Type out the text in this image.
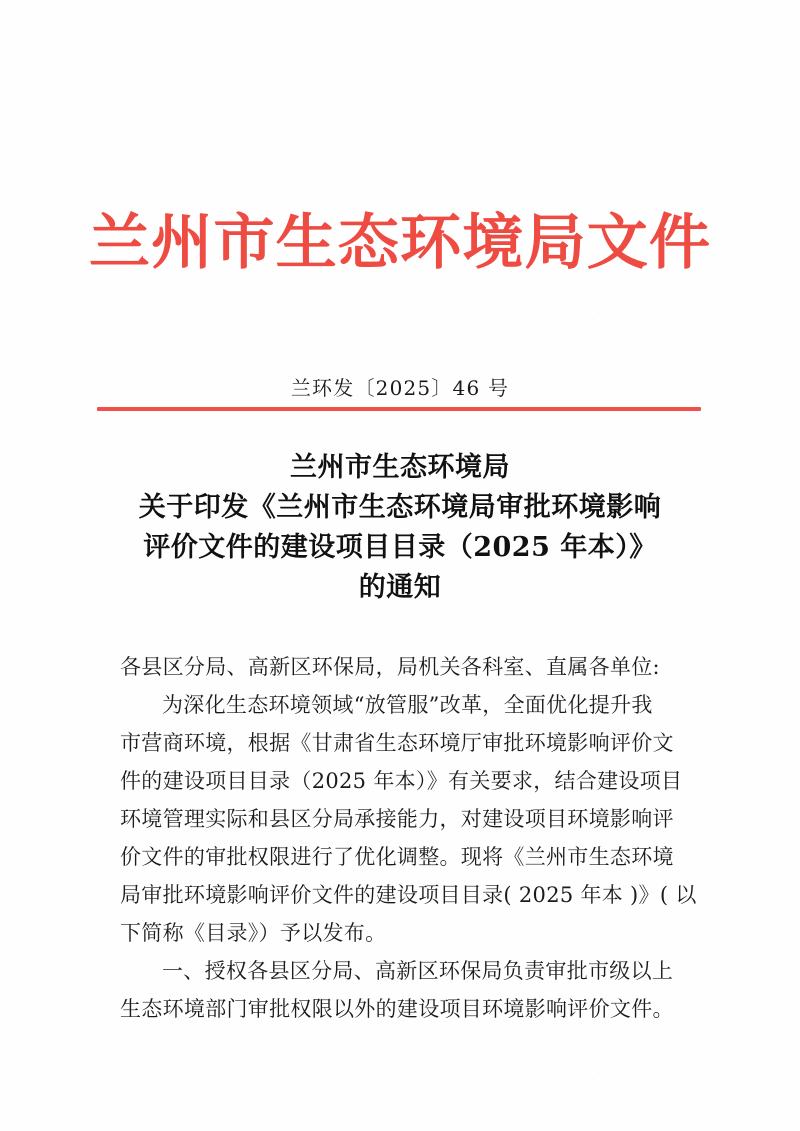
兰州市生态环境局文件
兰环发〔2025〕46 号
兰州市生态环境局
关于印发《兰州市生态环境局审批环境影响
评价文件的建设项目目录（2025 年本）》
的通知
各县区分局、高新区环保局，局机关各科室、直属各单位:
为深化生态环境领域“放管服”改革，全面优化提升我
市营商环境，根据《甘肃省生态环境厅审批环境影响评价文
件的建设项目目录（2025 年本）》有关要求，结合建设项目
环境管理实际和县区分局承接能力，对建设项目环境影响评
价文件的审批权限进行了优化调整。现将《兰州市生态环境
局审批环境影响评价文件的建设项目目录( 2025 年本 )》( 以
下简称《目录》）予以发布。
一、授权各县区分局、高新区环保局负责审批市级以上
生态环境部门审批权限以外的建设项目环境影响评价文件。
